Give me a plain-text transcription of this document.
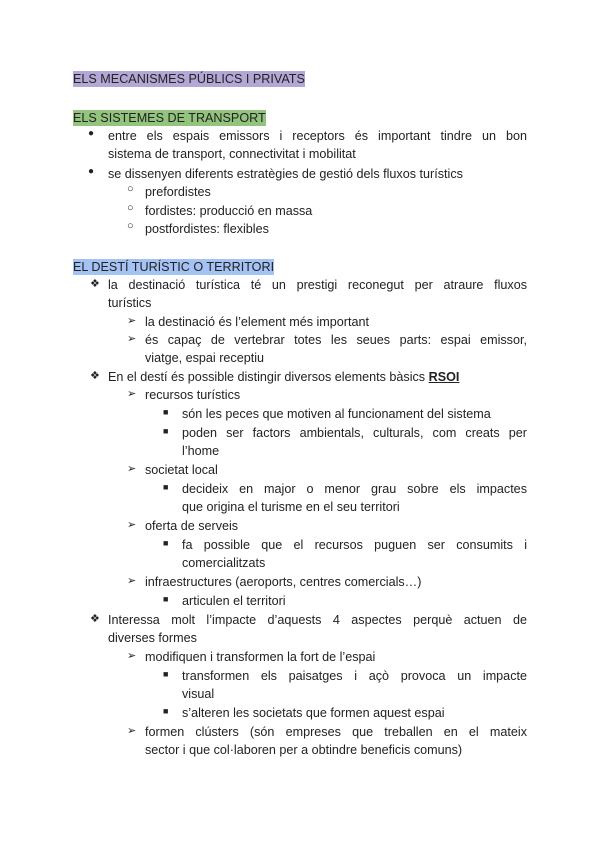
ELS MECANISMES PÚBLICS I PRIVATS
ELS SISTEMES DE TRANSPORT
● entre els espais emissors i receptors és important tindre un bon
sistema de transport, connectivitat i mobilitat
● se dissenyen diferents estratègies de gestió dels fluxos turístics
○ prefordistes
○ fordistes: producció en massa
○ postfordistes: flexibles
EL DESTÍ TURÍSTIC O TERRITORI
❖ la destinació turística té un prestigi reconegut per atraure fluxos
turístics
➢ la destinació és l’element més important
➢ és capaç de vertebrar totes les seues parts: espai emissor,
viatge, espai receptiu
❖ En el destí és possible distingir diversos elements bàsics RSOI
➢ recursos turístics
■ són les peces que motiven al funcionament del sistema
■ poden ser factors ambientals, culturals, com creats per
l’home
➢ societat local
■ decideix en major o menor grau sobre els impactes
que origina el turisme en el seu territori
➢ oferta de serveis
■ fa possible que el recursos puguen ser consumits i
comercialitzats
➢ infraestructures (aeroports, centres comercials…)
■ articulen el territori
❖ Interessa molt l’impacte d’aquests 4 aspectes perquè actuen de
diverses formes
➢ modifiquen i transformen la fort de l’espai
■ transformen els paisatges i açò provoca un impacte
visual
■ s’alteren les societats que formen aquest espai
➢ formen clústers (són empreses que treballen en el mateix
sector i que col·laboren per a obtindre beneficis comuns)
